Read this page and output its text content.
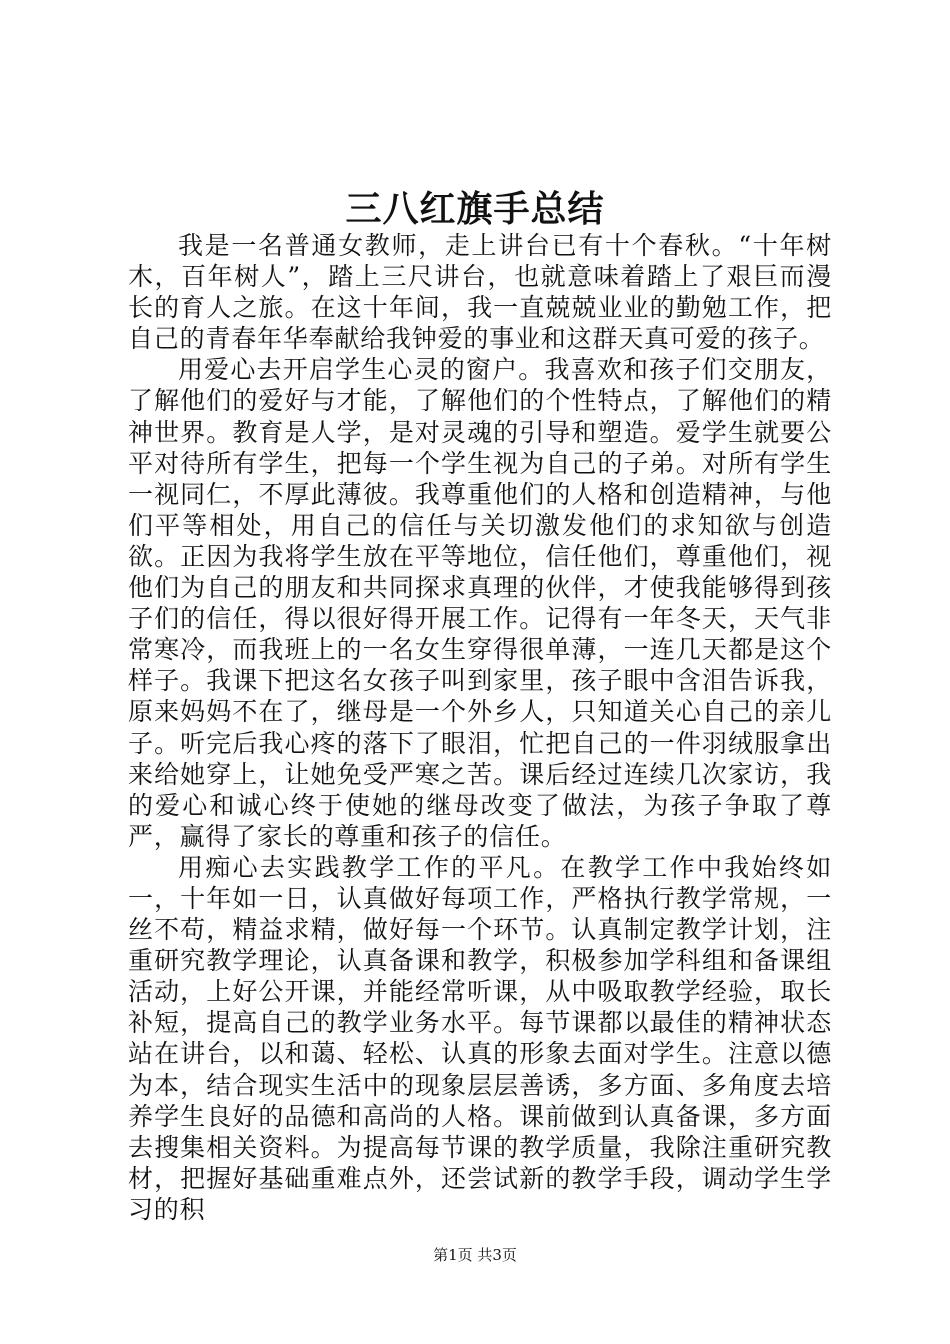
三八红旗手总结

我是一名普通女教师，走上讲台已有十个春秋。“十年树木，百年树人”，踏上三尺讲台，也就意味着踏上了艰巨而漫长的育人之旅。在这十年间，我一直兢兢业业的勤勉工作，把自己的青春年华奉献给我钟爱的事业和这群天真可爱的孩子。

用爱心去开启学生心灵的窗户。我喜欢和孩子们交朋友，了解他们的爱好与才能，了解他们的个性特点，了解他们的精神世界。教育是人学，是对灵魂的引导和塑造。爱学生就要公平对待所有学生，把每一个学生视为自己的子弟。对所有学生一视同仁，不厚此薄彼。我尊重他们的人格和创造精神，与他们平等相处，用自己的信任与关切激发他们的求知欲与创造欲。正因为我将学生放在平等地位，信任他们，尊重他们，视他们为自己的朋友和共同探求真理的伙伴，才使我能够得到孩子们的信任，得以很好得开展工作。记得有一年冬天，天气非常寒冷，而我班上的一名女生穿得很单薄，一连几天都是这个样子。我课下把这名女孩子叫到家里，孩子眼中含泪告诉我，原来妈妈不在了，继母是一个外乡人，只知道关心自己的亲儿子。听完后我心疼的落下了眼泪，忙把自己的一件羽绒服拿出来给她穿上，让她免受严寒之苦。课后经过连续几次家访，我的爱心和诚心终于使她的继母改变了做法，为孩子争取了尊严，赢得了家长的尊重和孩子的信任。

用痴心去实践教学工作的平凡。在教学工作中我始终如一，十年如一日，认真做好每项工作，严格执行教学常规，一丝不苟，精益求精，做好每一个环节。认真制定教学计划，注重研究教学理论，认真备课和教学，积极参加学科组和备课组活动，上好公开课，并能经常听课，从中吸取教学经验，取长补短，提高自己的教学业务水平。每节课都以最佳的精神状态站在讲台，以和蔼、轻松、认真的形象去面对学生。注意以德为本，结合现实生活中的现象层层善诱，多方面、多角度去培养学生良好的品德和高尚的人格。课前做到认真备课，多方面去搜集相关资料。为提高每节课的教学质量，我除注重研究教材，把握好基础重难点外，还尝试新的教学手段，调动学生学习的积

第1页 共3页
